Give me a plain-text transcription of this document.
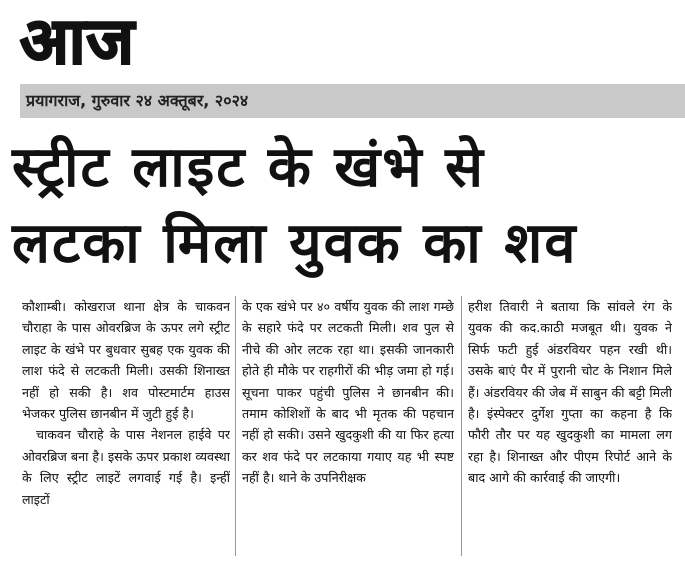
आज
प्रयागराज, गुरुवार २४ अक्तूबर, २०२४
स्ट्रीट लाइट के खंभे से
लटका मिला युवक का शव

कौशाम्बी। कोखराज थाना क्षेत्र के चाकवन चौराहा के पास ओवरब्रिज के ऊपर लगे स्ट्रीट लाइट के खंभे पर बुधवार सुबह एक युवक की लाश फंदे से लटकती मिली। उसकी शिनाख्त नहीं हो सकी है। शव पोस्टमार्टम हाउस भेजकर पुलिस छानबीन में जुटी हुई है।

चाकवन चौराहे के पास नेशनल हाईवे पर ओवरब्रिज बना है। इसके ऊपर प्रकाश व्यवस्था के लिए स्ट्रीट लाइटें लगवाई गई है। इन्हीं लाइटों

के एक खंभे पर ४० वर्षीय युवक की लाश गम्छे के सहारे फंदे पर लटकती मिली। शव पुल से नीचे की ओर लटक रहा था। इसकी जानकारी होते ही मौके पर राहगीरों की भीड़ जमा हो गई। सूचना पाकर पहुंची पुलिस ने छानबीन की। तमाम कोशिशों के बाद भी मृतक की पहचान नहीं हो सकी। उसने खुदकुशी की या फिर हत्या कर शव फंदे पर लटकाया गयाए यह भी स्पष्ट नहीं है। थाने के उपनिरीक्षक

हरीश तिवारी ने बताया कि सांवले रंग के युवक की कद.काठी मजबूत थी। युवक ने सिर्फ फटी हुई अंडरवियर पहन रखी थी। उसके बाएं पैर में पुरानी चोट के निशान मिले हैं। अंडरवियर की जेब में साबुन की बट्टी मिली है। इंस्पेक्टर दुर्गेश गुप्ता का कहना है कि फौरी तौर पर यह खुदकुशी का मामला लग रहा है। शिनाख्त और पीएम रिपोर्ट आने के बाद आगे की कार्रवाई की जाएगी।
